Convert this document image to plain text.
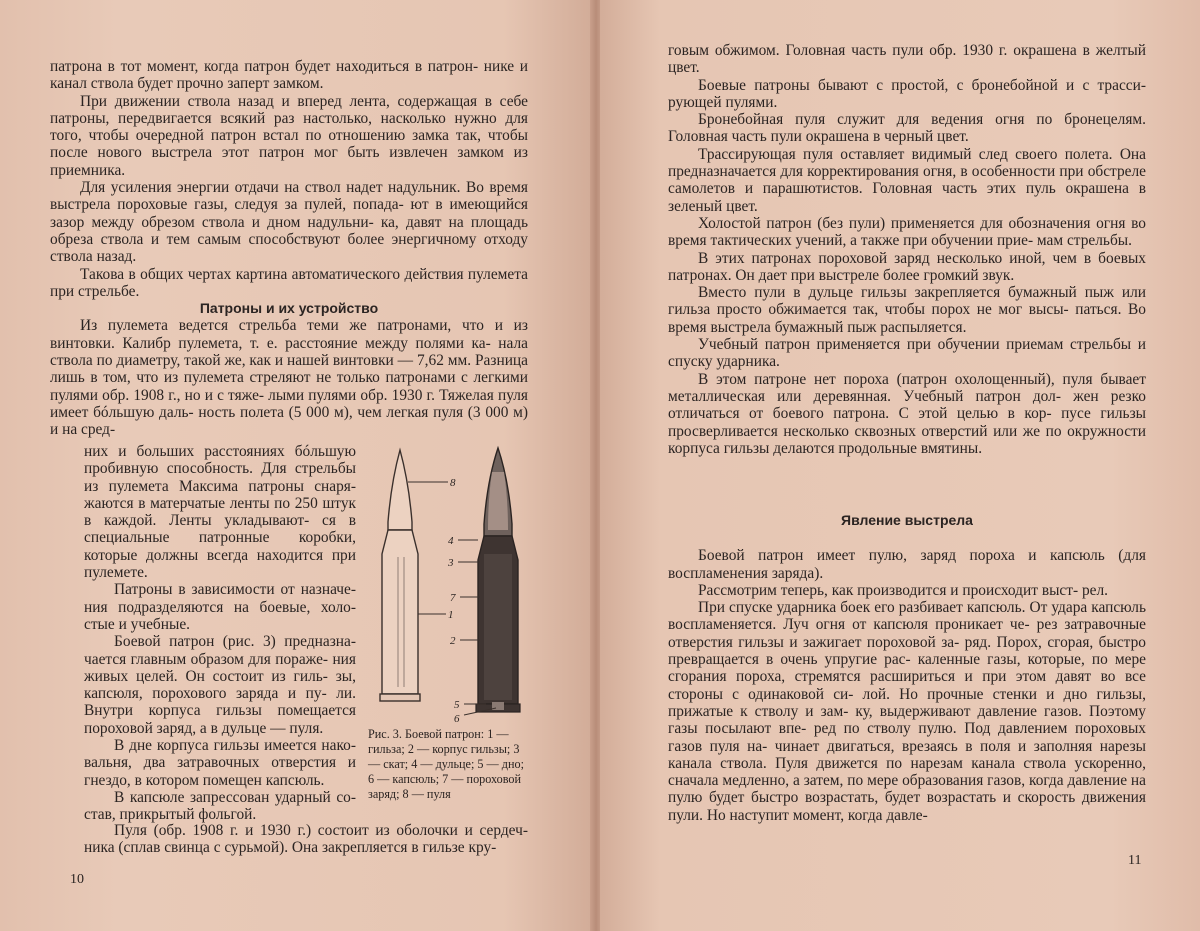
патрона в тот момент, когда патрон будет находиться в патрон- нике и канал ствола будет прочно заперт замком.

При движении ствола назад и вперед лента, содержащая в себе патроны, передвигается всякий раз настолько, насколько нужно для того, чтобы очередной патрон встал по отношению замка так, чтобы после нового выстрела этот патрон мог быть извлечен замком из приемника.

Для усиления энергии отдачи на ствол надет надульник. Во время выстрела пороховые газы, следуя за пулей, попада- ют в имеющийся зазор между обрезом ствола и дном надульни- ка, давят на площадь обреза ствола и тем самым способствуют более энергичному отходу ствола назад.

Такова в общих чертах картина автоматического действия пулемета при стрельбе.

Патроны и их устройство

Из пулемета ведется стрельба теми же патронами, что и из винтовки. Калибр пулемета, т. е. расстояние между полями ка- нала ствола по диаметру, такой же, как и нашей винтовки — 7,62 мм. Разница лишь в том, что из пулемета стреляют не только патронами с легкими пулями обр. 1908 г., но и с тяже- лыми пулями обр. 1930 г. Тяжелая пуля имеет бóльшую даль- ность полета (5 000 м), чем легкая пуля (3 000 м) и на сред-

них и больших расстояниях бóльшую пробивную способность. Для стрельбы из пулемета Максима патроны снаря- жаются в матерчатые ленты по 250 штук в каждой. Ленты укладывают- ся в специальные патронные коробки, которые должны всегда находится при пулемете.

Патроны в зависимости от назначе- ния подразделяются на боевые, холо- стые и учебные.

Боевой патрон (рис. 3) предназна- чается главным образом для пораже- ния живых целей. Он состоит из гиль- зы, капсюля, порохового заряда и пу- ли. Внутри корпуса гильзы помещается пороховой заряд, а в дульце — пуля.

В дне корпуса гильзы имеется нако- вальня, два затравочных отверстия и гнездо, в котором помещен капсюль.

В капсюле запрессован ударный со- став, прикрытый фольгой.

Пуля (обр. 1908 г. и 1930 г.) состоит из оболочки и сердеч- ника (сплав свинца с сурьмой). Она закрепляется в гильзе кру-

8
4
3
7
1
2
5
6
Рис. 3. Боевой патрон: 1 — гильза; 2 — корпус гильзы; 3 — скат; 4 — дульце; 5 — дно; 6 — капсюль; 7 — пороховой заряд; 8 — пуля
10

говым обжимом. Головная часть пули обр. 1930 г. окрашена в желтый цвет.

Боевые патроны бывают с простой, с бронебойной и с трасси- рующей пулями.

Бронебойная пуля служит для ведения огня по бронецелям. Головная часть пули окрашена в черный цвет.

Трассирующая пуля оставляет видимый след своего полета. Она предназначается для корректирования огня, в особенности при обстреле самолетов и парашютистов. Головная часть этих пуль окрашена в зеленый цвет.

Холостой патрон (без пули) применяется для обозначения огня во время тактических учений, а также при обучении прие- мам стрельбы.

В этих патронах пороховой заряд несколько иной, чем в боевых патронах. Он дает при выстреле более громкий звук.

Вместо пули в дульце гильзы закрепляется бумажный пыж или гильза просто обжимается так, чтобы порох не мог высы- паться. Во время выстрела бумажный пыж распыляется.

Учебный патрон применяется при обучении приемам стрельбы и спуску ударника.

В этом патроне нет пороха (патрон охолощенный), пуля бывает металлическая или деревянная. Учебный патрон дол- жен резко отличаться от боевого патрона. С этой целью в кор- пусе гильзы просверливается несколько сквозных отверстий или же по окружности корпуса гильзы делаются продольные вмятины.

Явление выстрела

Боевой патрон имеет пулю, заряд пороха и капсюль (для воспламенения заряда).

Рассмотрим теперь, как производится и происходит выст- рел.

При спуске ударника боек его разбивает капсюль. От удара капсюль воспламеняется. Луч огня от капсюля проникает че- рез затравочные отверстия гильзы и зажигает пороховой за- ряд. Порох, сгорая, быстро превращается в очень упругие рас- каленные газы, которые, по мере сгорания пороха, стремятся расшириться и при этом давят во все стороны с одинаковой си- лой. Но прочные стенки и дно гильзы, прижатые к стволу и зам- ку, выдерживают давление газов. Поэтому газы посылают впе- ред по стволу пулю. Под давлением пороховых газов пуля на- чинает двигаться, врезаясь в поля и заполняя нарезы канала ствола. Пуля движется по нарезам канала ствола ускоренно, сначала медленно, а затем, по мере образования газов, когда давление на пулю будет быстро возрастать, будет возрастать и скорость движения пули. Но наступит момент, когда давле-

11
